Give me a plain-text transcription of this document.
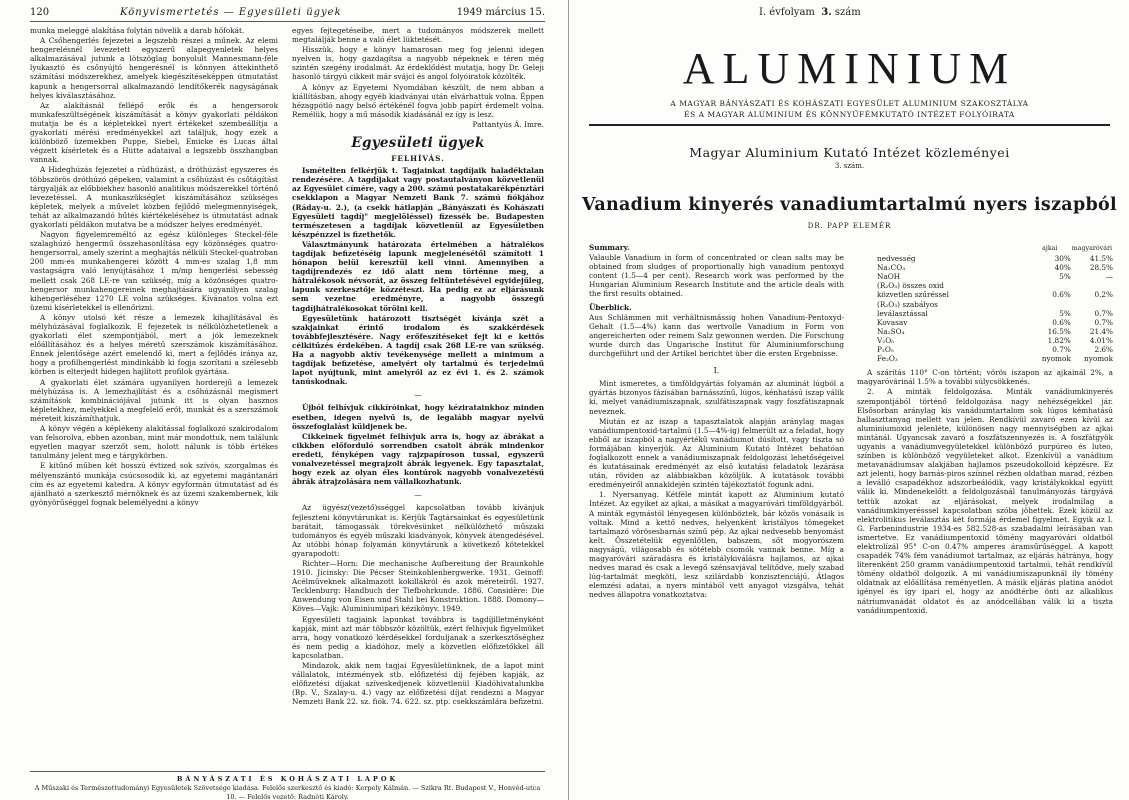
120	Könyvismertetés — Egyesületi ügyek	1949 március 15.

munka meleggé alakítása folytán növelik a darab hőfokát.

A Csőhengerlés fejezetei a legszebb részei a műnek. Az elemi hengerelésnél levezetett egyszerű alapegyenletek helyes alkalmazásával jutunk a lötszöglag bonyolult Mannesmann-féle lyukasztó és csőnyújtó hengerésnél is könnyen áttekinthető számítási módszerekhez, amelyek kiegészítéseképpen útmutatást kapunk a hengersorral alkalmazandó lendítőkerék nagyságának helyes kiválasztásához.

Az alakításnál fellépő erők és a hengersorok munkafeszültségének kiszámítását a könyv gyakorlati példákon mutatja be és a képletekkel nyert értékeket szembeállítja a gyakorlati mérési eredményekkel azt találjuk, hogy ezek a különböző üzemekben Puppe, Siebel, Emicke és Lucas által végzett kísérletek és a Hütte adataival a legszebb összhangban vannak.

A Hideghúzás fejezetei a rúdhúzást, a dróthúzást egyszeres és többszörös dróthúzó gépeken, valamint a csőhúzást és csőtágítást tárgyalják az előbbiekhez hasonló analitikus módszerekkel történő levezetéssel. A munkaszükséglet kiszámításához szükséges képletek, melyek a művelet közben fejlődő melegmennyiségek, tehát az alkalmazandó hűtés kiértékeléséhez is útmutatást adnak gyakorlati példákon mutatva be a módszer helyes eredményét.

Nagyon figyelemreméltó az egész különleges Steckel-féle szalaghúzó hengermű összehasonlítása egy közönséges quatro-hengersorral, amely szerint a meghajtás nélküli Steckel-quatroban 200 mm-es munkahengerei között 4 mm-es szalag 1,8 mm vastagságra való lenyújtásához 1 m/mp hengerlési sebesség mellett csak 268 LE-re van szükség, míg a közönséges quatro-hengersor munkahengereinek meghajtására ugyanilyen szalag kihengerléséhez 1270 LE volna szükséges. Kívánatos volna ezt üzemi kísérletekkel is ellenőrizni.

A könyv utolsó két része a lemezek kihajlításával és mélyhúzásával foglalkozik. E fejezetek is nélkülözhetetlenek a gyakorlati élet szempontjából, mert a jók lemezeknek előállításához és a helyes méretű szerszámok kiszámításához. Ennek jelentősége azért emelendő ki, mert a fejlődés iránya az, hogy a profilhengerlést mindinkább ki fogja szorítani a szélesebb körben is elterjedt hidegen hajlított profilok gyártása.

A gyakorlati élet számára ugyanilyen horderejű a lemezek mélyhúzása is. A lemezhajlítást és a csőhúzásnál megismert számítások kombinációjával jutunk itt is olyan hasznos képletekhez, melyekkel a megfelelő erőt, munkát és a szerszámok méreteit kiszámíthatjuk.

A könyv végén a képlékeny alakítással foglalkozó szakirodalom van felsorolva, ebben azonban, mint már mondottuk, nem találunk egyetlen magyar szerzőt sem, holott nálunk is több értékes tanulmány jelent meg e tárgykörben.

E kitűnő műben két hosszú évtized sok szívós, szorgalmas és mélyenszántó munkája csúcsosodik ki, az egyetemi magántanári cím és az egyetemi katedra. A könyv egyformán útmutatást ad és ajánlható a szerkesztő mérnöknek és az üzemi szakembernek, kik gyönyörűséggel fognak belemélyedni a könyv

egyes fejtegetéseibe, mert a tudományos módszerek mellett megtalálják benne a való élet lüktetését.

Hisszük, hogy e könyv hamarosan meg fog jelenni idegen nyelven is, hogy gazdagítsa a nagyobb népeknek e téren még szintén szegény irodalmát. Az érdeklődést mutatja, hogy Dr. Geleji hasonló tárgyú cikkeit már svájci és angol folyóiratok közölték.

A könyv az Egyetemi Nyomdában készült, de nem abban a kiállításban, ahogy egyéb kiadványai után elvárhattuk volna. Éppen hézagpótló nagy belső értékénél fogva jobb papírt érdemelt volna. Remélük, hogy a mű második kiadásánál ez így is lesz.

Pattantyús Á. Imre.
Egyesületi ügyek
FELHÍVÁS.

Ismételten felkérjük t. Tagjainkat tagdíjaik haladéktalan rendezésére. A tagdíjakat vagy postautalványon közvetlenül az Egyesület címére, vagy a 200. számú postatakarékpénztári csekklapon a Magyar Nemzeti Bank 7. számú fiókjához (Ráday-u. 2.), (a csekk hátlapján „Bányászati és Kohászati Egyesületi tagdíj" megjelöléssel) fizessék be. Budapesten természetesen a tagdíjak közvetlenül az Egyesületben készpénzzel is fizethetők.

Választmányunk határozata értelmében a hátralékos tagdíjak befizetéséig lapunk megjelenésétől számított 1 hónapon belül keresztül kell vinni. Amennyiben a tagdíjrendezés ez idő alatt nem történne meg, a hátralékosok névsorát, az összeg feltüntetésével egyidejűleg, lapunk szerkesztője közzéteszi. Ha pedig ez az eljárásunk sem vezetne eredményre, a nagyobb összegű tagdíjhátralékosokat törölni kell.

Egyesületünk határozott tisztségét kívánja szét a szakjainkat érintő irodalom és szakkérdések továbbfejlesztésére. Nagy erőfeszítéseket fejt ki e kettős célkitűzés érdekében. A tagdíj csak 268 LE-re van szükség. Ha a nagyobb aktív tevékenysége mellett a minimum a tagdíjak befizetése, amelyért oly tartalmú és terjedelmű lapot nyújtunk, mint amelyről az ez évi 1. és 2. számok tanúskodnak.

—

Újból felhívjuk cikkíróinkat, hogy kéziratainkhoz minden esetben, idegen nyelvű is, de legalább magyar nyelvű összefoglalást küldjenek be.

Cikkeinek figyelmét felhívjuk arra is, hogy az ábrákat a cikkben előforduló sorrendben csatolt ábrák mindenkor eredeti, fényképen vagy rajzpapíroson tussal, egyszerű vonalvezetéssel megrajzolt ábrák legyenek. Egy tapasztalat, hogy ezek az olyan éles kontúrok nagyobb vonalvezetésű ábrák átrajzolására nem vállalkozhatunk.

—

Az ügyész(vezető)sséggel kapcsolatban tovább kívánjuk fejleszteni könyvtárunkat is. Kérjük Tagtársainkat és egyesületünk barátait, támogassák törekvésünket nélkülözhető műszaki tudományos és egyéb műszaki kiadványok, könyvek átengedésével. Az utóbbi hónap folyamán könyvtárunk a következő kötetekkel gyarapodott:

Richter—Horn: Die mechanische Aufbereitung der Braunkohle 1910. Jicinsky: Die Pécser Steinkohlenbergwerke. 1931. Geinoff: Acélműveknek alkalmazott kokillákról és azok méreteiről. 1927. Tecklenburg: Handbuch der Tiefbohrkunde. 1886. Considère: Die Anwendung von Eisen und Stahl bei Konstruktion. 1888. Domony—Köves—Vajk: Aluminiumipari kézikönyv. 1949.

Egyesületi tagjaink lapunkat továbbra is tagdíjilletményként kapják, mint azt már többször közöltük, ezért felhívjuk figyelmüket arra, hogy vonatkozó kérdésekkel forduljanak a szerkesztőséghez és nem pedig a kiadóhoz, mely a közvetlen előfizetőkkel áll kapcsolatban.

Mindazok, akik nem tagjai Egyesületünknek, de a lapot mint vállalatok, intézmények stb. előfizetési díj fejében kapják, az előfizetési díjakat szíveskedjenek közvetlenül Kiadóhivatalunkba (Bp. V., Szalay-u. 4.) vagy az előfizetési díjat rendezni a Magyar Nemzeti Bank 22. sz. fiók. 74. 622. sz. ptp. csekkszámlára befizetni.

BÁNYÁSZATI ÉS KOHÁSZATI LAPOK
A Műszaki és Természettudományi Egyesületek Szövetsége kiadása. Felelős szerkesztő és kiadó: Kerpely Kálmán. — Szikra Rt. Budapest V., Honvéd-utca 10. — Felelős vezető: Radnóti Károly.
I. évfolyam 3. szám
ALUMINIUM
A MAGYAR BÁNYÁSZATI ÉS KOHÁSZATI EGYESÜLET ALUMINIUM SZAKOSZTÁLYA
ÉS A MAGYAR ALUMINIUM ÉS KÖNNYŰFÉMKUTATÓ INTÉZET FOLYÓIRATA
Magyar Aluminium Kutató Intézet közleményei
3. szám.
Vanadium kinyerés vanadiumtartalmú nyers iszapból
DR. PAPP ELEMÉR

Summary.

Valauble Vanadium in form of concentrated or clean salts may be obtained from sludges of proportionally high vanadium pentoxyd content (1.5—4 per cent). Research work was performed by the Hungarian Aluminium Research Institute and the article deals with the first results obtained.

Überblick.

Aus Schlämmen mit verhältnismässig hohen Vanadium-Pentoxyd-Gehalt (1.5—4%) kann das wertvolle Vanadium in Form von angereicherten oder reinem Salz gewonnen werden. Die Forschung wurde durch das Ungarische Institut für Aluminiumforschung durchgeführt und der Artikel berichtet über die ersten Ergebnisse.

I.

Mint ismeretes, a timföldgyártás folyamán az aluminát lúgból a gyártás bizonyos fázisában barnásszínű, lúgos, kénhatású iszap válik ki, melyet vanádiumiszapnak, szulfátiszapnak vagy foszfátiszapnak neveznek.

Miután ez az iszap a tapasztalatok alapján aránylag magas vanádiumpentoxid-tartalmú (1.5—4%-ig) felmerült az a feladat, hogy ebből az iszapból a nagyértékű vanádiumot dúsított, vagy tiszta só formájában kinyerjük. Az Aluminium Kutató Intézet behatóan foglalkozott ennek a vanádiumiszapnak feldolgozási lehetőségeivel és kutatásainak eredményét az első kutatási feladatok lezárása után, röviden az alábbiakban közöljük. A kutatások további eredményeiről annakidején szintén tájékoztatót fogunk adni.

1. Nyersanyag. Kétféle mintát kapott az Aluminium kutató Intézet. Az egyiket az ajkai, a másikat a magyaróvári timföldgyárból. A minták egymástól lényegesen különböztek, bár közös vonásaik is voltak. Mind a kettő nedves, helyenként kristályos tömegeket tartalmazó vörösesbarnás színű pép. Az ajkai nedvesebb benyomást kelt. Összetételük egyenlőtlen, babszem, sőt mogyorószem nagyságú, világosabb és sötétebb csomók vannak benne. Míg a magyaróvári száradásra és kristálykiválásra hajlamos, az ajkai nedves marad és csak a levegő szénsavjával telítődve, mely szabad lúg-tartalmát megköti, lesz szilárdabb konzisztenciájú. Átlagos elemzési adatai, a nyers mintából vett anyagot vizsgálva, tehát nedves állapotra vonatkoztatva:

	ajkai	magyaróvári
nedvesség	30%	41.5%
Na₂CO₃	40%	28.5%
NaOH	5%	—
(R₂O₃) összes oxid		
közvetlen szűréssel	0.6%	0.2%
(R₂O₃) szabályos		
leválasztással	5%	0.7%
Kovasav	0.6%	0.7%
Na₂SO₄	16.5%	21.4%
V₂O₅	1.82%	4.01%
P₂O₅	0.7%	2.6%
Fe₂O₃	nyomok	nyomok

A szárítás 110° C-on történt; vörös iszapon az ajkainál 2%, a magyaróvárinál 1.5% a további súlycsökkenés.

2. A minták feldolgozása. Minták vanádiumkinyerés szempontjából történő feldolgozása nagy nehézségekkel jár. Elsősorban aránylag kis vanádiumtartalom sok lúgos kémhatású ballaszttanyag mellett van jelen. Rendkívül zavaró ezen kívül az aluminiumoxid jelenléte, különösen nagy mennyiségben az ajkai mintánál. Ugyancsak zavaró a foszfátszennyezés is. A foszfátgyök ugyanis a vanádiumvegyületekkel különböző purpúreo és luteo, színben is különböző vegyületeket alkot. Ezenkívül a vanádium metavanádiumsav alakjában hajlamos pszeudokolloid képzésre. Ez azt jelenti, hogy barnás-piros színnel rézben oldatban marad, rézben a leválló csapadékhoz adszorbeálódik, vagy kristálykokkal együtt válik ki. Mindenekelőtt a feldolgozásnál tanulmányozás tárgyává tettük azokat az eljárásokat, melyek irodalmilag a vanádiumkinyerésssel kapcsolatban szóba jöhettek. Ezek közül az elektrolitikus leválasztás két formája érdemel figyelmet. Egyik az I. G. Farbenindustrie 1934-es 582.528-as szabadalmi leírásában van ismertetve. Ez vanádiumpentoxid tömény magyaróvári oldatból elektrolízál 95° C-on 0.47% amperes áramsűrűséggel. A kapott csapadék 74% fém vanádiumot tartalmaz, az eljárás hátránya, hogy literenként 250 gramm vanádiumpentoxid tartalmú, tehát rendkívül tömény oldatból dolgozik. A mi vanádiumiszapunknál ily tömény oldatnak az előállítása reményetlen. A másik eljárás platina anódot igényel és így ipari el, hogy az anódtérbe önti az alkalikus nátriumvanádát oldatot és az anódcellában válik ki a tiszta vanádiumpentoxid.
